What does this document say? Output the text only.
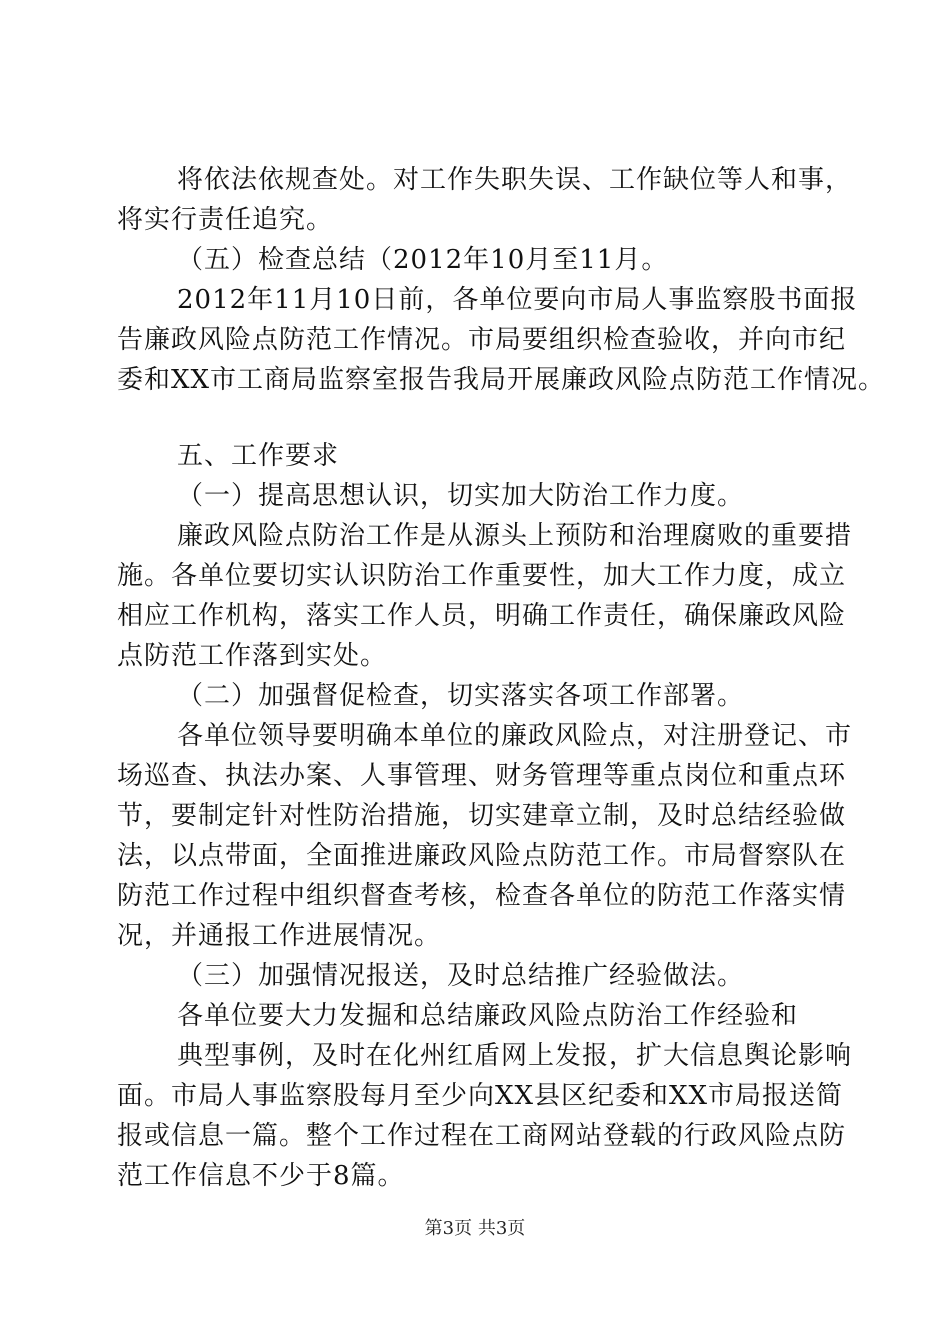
将依法依规查处。对工作失职失误、工作缺位等人和事，
将实行责任追究。
（五）检查总结（2012年10月至11月。
2012年11月10日前，各单位要向市局人事监察股书面报
告廉政风险点防范工作情况。市局要组织检查验收，并向市纪
委和XX市工商局监察室报告我局开展廉政风险点防范工作情况。
五、工作要求
（一）提高思想认识，切实加大防治工作力度。
廉政风险点防治工作是从源头上预防和治理腐败的重要措
施。各单位要切实认识防治工作重要性，加大工作力度，成立
相应工作机构，落实工作人员，明确工作责任，确保廉政风险
点防范工作落到实处。
（二）加强督促检查，切实落实各项工作部署。
各单位领导要明确本单位的廉政风险点，对注册登记、市
场巡查、执法办案、人事管理、财务管理等重点岗位和重点环
节，要制定针对性防治措施，切实建章立制，及时总结经验做
法，以点带面，全面推进廉政风险点防范工作。市局督察队在
防范工作过程中组织督查考核，检查各单位的防范工作落实情
况，并通报工作进展情况。
（三）加强情况报送，及时总结推广经验做法。
各单位要大力发掘和总结廉政风险点防治工作经验和
典型事例，及时在化州红盾网上发报，扩大信息舆论影响
面。市局人事监察股每月至少向XX县区纪委和XX市局报送简
报或信息一篇。整个工作过程在工商网站登载的行政风险点防
范工作信息不少于8篇。
第3页 共3页
